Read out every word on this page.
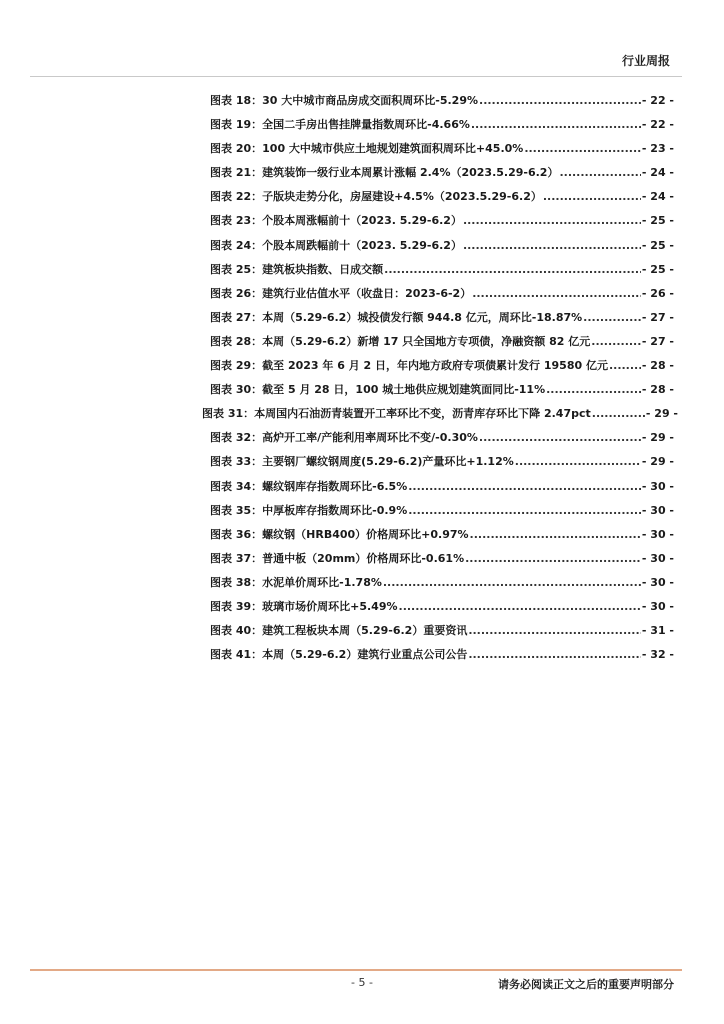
行业周报
图表 18：30 大中城市商品房成交面积周环比-5.29% .....	- 22 -
图表 19：全国二手房出售挂牌量指数周环比-4.66% .....	- 22 -
图表 20：100 大中城市供应土地规划建筑面积周环比+45.0% .....	- 23 -
图表 21：建筑装饰一级行业本周累计涨幅 2.4%（2023.5.29-6.2） .....	- 24 -
图表 22：子版块走势分化，房屋建设+4.5%（2023.5.29-6.2） .....	- 24 -
图表 23：个股本周涨幅前十（2023. 5.29-6.2） .....	- 25 -
图表 24：个股本周跌幅前十（2023. 5.29-6.2） .....	- 25 -
图表 25：建筑板块指数、日成交额 .....	- 25 -
图表 26：建筑行业估值水平（收盘日：2023-6-2） .....	- 26 -
图表 27：本周（5.29-6.2）城投债发行额 944.8 亿元，周环比-18.87% .....	- 27 -
图表 28：本周（5.29-6.2）新增 17 只全国地方专项债，净融资额 82 亿元 .....	- 27 -
图表 29：截至 2023 年 6 月 2 日，年内地方政府专项债累计发行 19580 亿元 .....	- 28 -
图表 30：截至 5 月 28 日，100 城土地供应规划建筑面同比-11% .....	- 28 -
图表 31：本周国内石油沥青装置开工率环比不变，沥青库存环比下降 2.47pct .....	- 29 -
图表 32：高炉开工率/产能利用率周环比不变/-0.30% .....	- 29 -
图表 33：主要钢厂螺纹钢周度(5.29-6.2)产量环比+1.12% .....	- 29 -
图表 34：螺纹钢库存指数周环比-6.5% .....	- 30 -
图表 35：中厚板库存指数周环比-0.9% .....	- 30 -
图表 36：螺纹钢（HRB400）价格周环比+0.97% .....	- 30 -
图表 37：普通中板（20mm）价格周环比-0.61% .....	- 30 -
图表 38：水泥单价周环比-1.78% .....	- 30 -
图表 39：玻璃市场价周环比+5.49% .....	- 30 -
图表 40：建筑工程板块本周（5.29-6.2）重要资讯 .....	- 31 -
图表 41：本周（5.29-6.2）建筑行业重点公司公告 .....	- 32 -
- 5 -	请务必阅读正文之后的重要声明部分
